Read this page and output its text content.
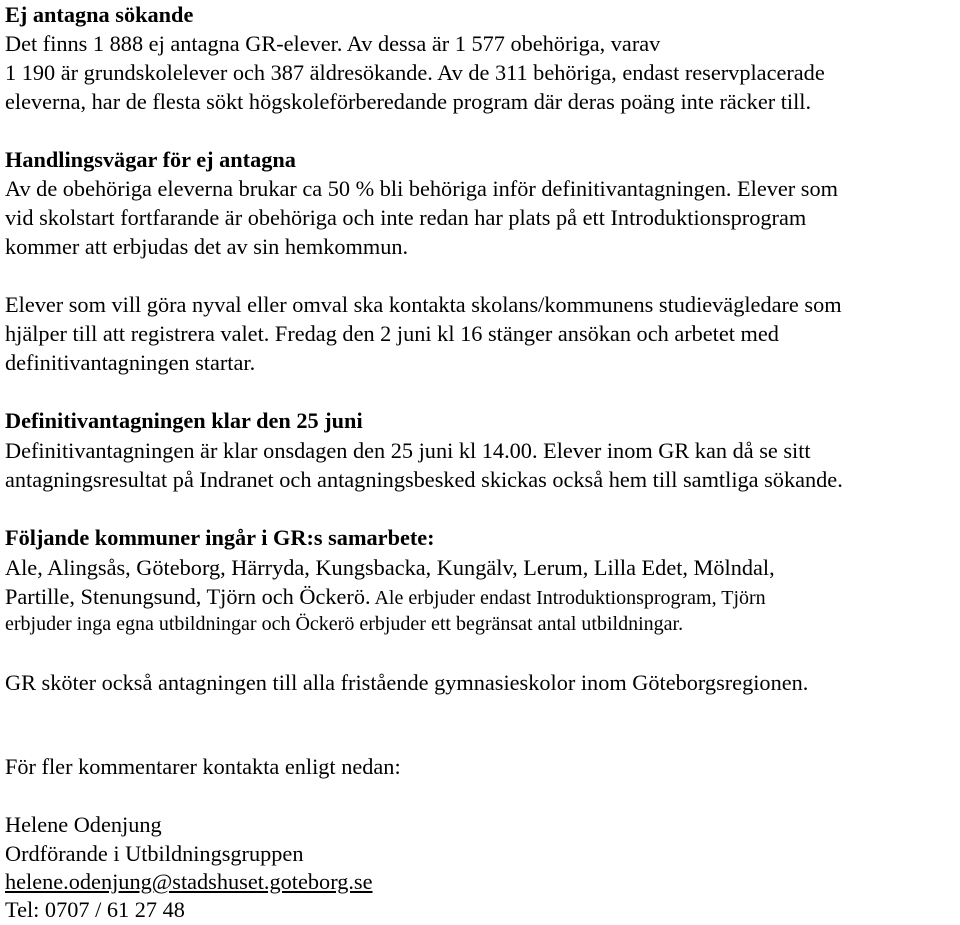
Ej antagna sökande
Det finns 1 888 ej antagna GR-elever. Av dessa är 1 577 obehöriga, varav
1 190 är grundskolelever och 387 äldresökande. Av de 311 behöriga, endast reservplacerade
eleverna, har de flesta sökt högskoleförberedande program där deras poäng inte räcker till.
Handlingsvägar för ej antagna
Av de obehöriga eleverna brukar ca 50 % bli behöriga inför definitivantagningen. Elever som
vid skolstart fortfarande är obehöriga och inte redan har plats på ett Introduktionsprogram
kommer att erbjudas det av sin hemkommun.
Elever som vill göra nyval eller omval ska kontakta skolans/kommunens studievägledare som
hjälper till att registrera valet. Fredag den 2 juni kl 16 stänger ansökan och arbetet med
definitivantagningen startar.
Definitivantagningen klar den 25 juni
Definitivantagningen är klar onsdagen den 25 juni kl 14.00. Elever inom GR kan då se sitt
antagningsresultat på Indranet och antagningsbesked skickas också hem till samtliga sökande.
Följande kommuner ingår i GR:s samarbete:
Ale, Alingsås, Göteborg, Härryda, Kungsbacka, Kungälv, Lerum, Lilla Edet, Mölndal,
Partille, Stenungsund, Tjörn och Öckerö. Ale erbjuder endast Introduktionsprogram, Tjörn
erbjuder inga egna utbildningar och Öckerö erbjuder ett begränsat antal utbildningar.
GR sköter också antagningen till alla fristående gymnasieskolor inom Göteborgsregionen.
För fler kommentarer kontakta enligt nedan:
Helene Odenjung
Ordförande i Utbildningsgruppen
helene.odenjung@stadshuset.goteborg.se
Tel: 0707 / 61 27 48
